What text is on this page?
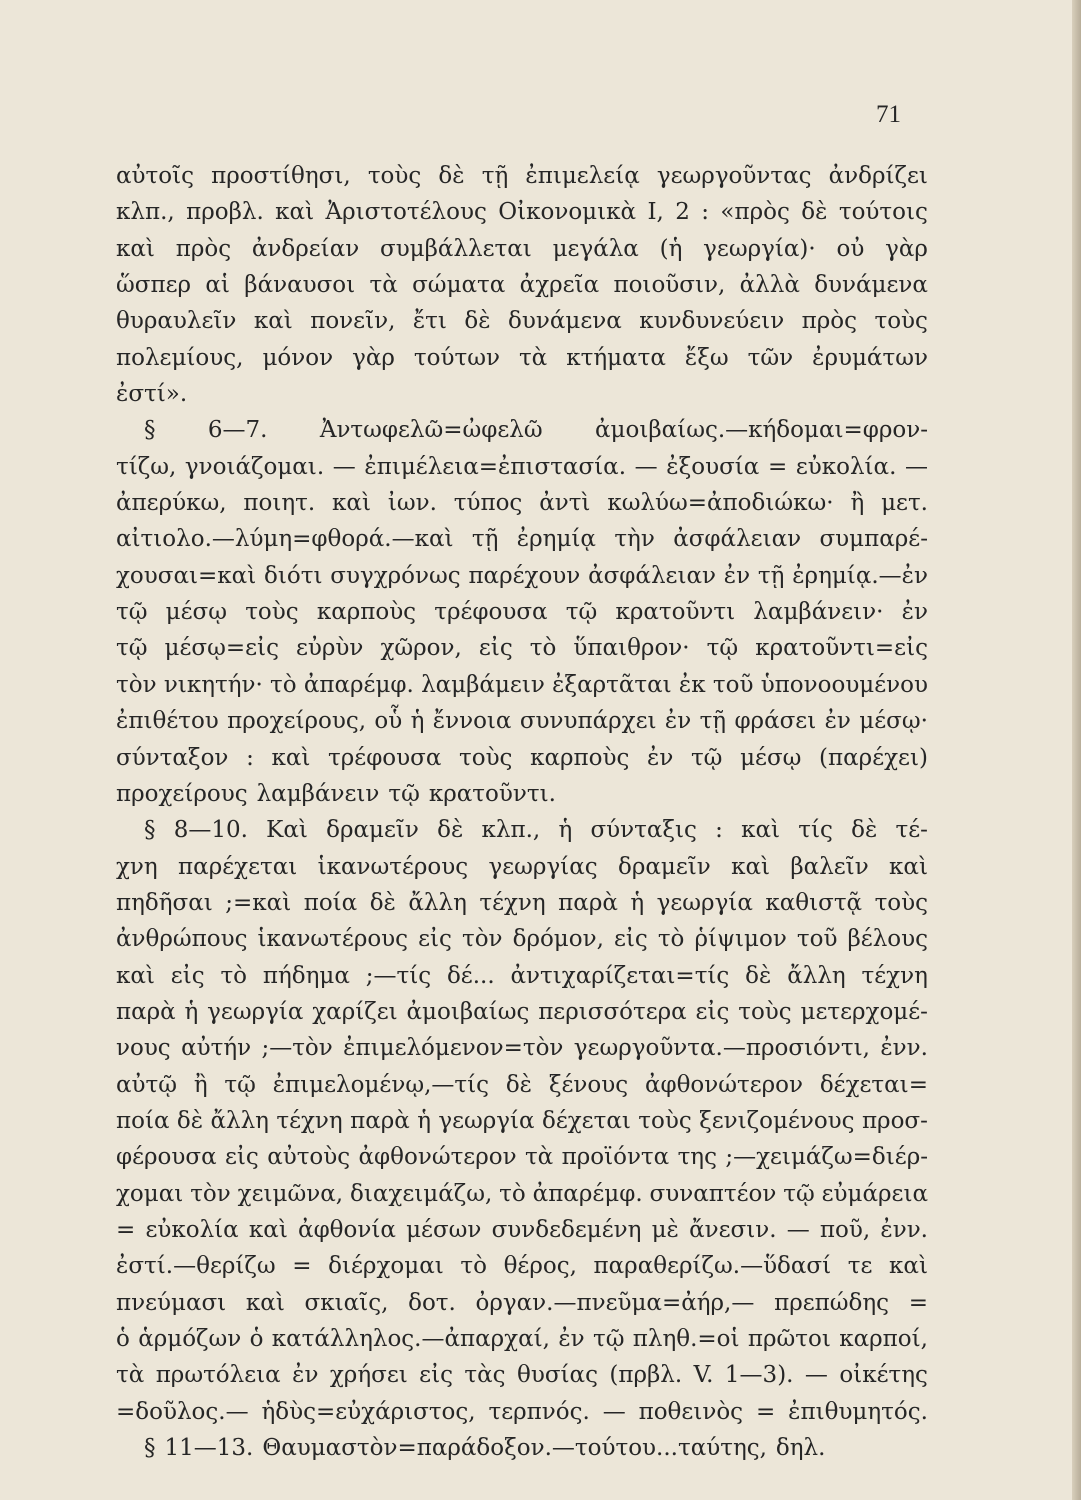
71
αὐτοῖς προστίθησι, τοὺς δὲ τῇ ἐπιμελείᾳ γεωργοῦντας ἀνδρίζει
κλπ., προβλ. καὶ Ἀριστοτέλους Οἰκονομικὰ Ι, 2 : «πρὸς δὲ τούτοις
καὶ πρὸς ἀνδρείαν συμβάλλεται μεγάλα (ἡ γεωργία)· οὐ γὰρ
ὥσπερ αἱ βάναυσοι τὰ σώματα ἀχρεῖα ποιοῦσιν, ἀλλὰ δυνάμενα
θυραυλεῖν καὶ πονεῖν, ἔτι δὲ δυνάμενα κυνδυνεύειν πρὸς τοὺς
πολεμίους, μόνον γὰρ τούτων τὰ κτήματα ἔξω τῶν ἐρυμάτων
ἐστί».
§ 6—7. Ἀντωφελῶ=ὠφελῶ ἀμοιβαίως.—κήδομαι=φρον-
τίζω, γνοιάζομαι. — ἐπιμέλεια=ἐπιστασία. — ἐξουσία = εὐκολία. —
ἀπερύκω, ποιητ. καὶ ἰων. τύπος ἀντὶ κωλύω=ἀποδιώκω· ἢ μετ.
αἰτιολο.—λύμη=φθορά.—καὶ τῇ ἐρημίᾳ τὴν ἀσφάλειαν συμπαρέ-
χουσαι=καὶ διότι συγχρόνως παρέχουν ἀσφάλειαν ἐν τῇ ἐρημίᾳ.—ἐν
τῷ μέσῳ τοὺς καρποὺς τρέφουσα τῷ κρατοῦντι λαμβάνειν· ἐν
τῷ μέσῳ=εἰς εὐρὺν χῶρον, εἰς τὸ ὕπαιθρον· τῷ κρατοῦντι=εἰς
τὸν νικητήν· τὸ ἀπαρέμφ. λαμβάμειν ἐξαρτᾶται ἐκ τοῦ ὑπονοουμένου
ἐπιθέτου προχείρους, οὗ ἡ ἔννοια συνυπάρχει ἐν τῇ φράσει ἐν μέσῳ·
σύνταξον : καὶ τρέφουσα τοὺς καρποὺς ἐν τῷ μέσῳ (παρέχει)
προχείρους λαμβάνειν τῷ κρατοῦντι.
§ 8—10. Καὶ δραμεῖν δὲ κλπ., ἡ σύνταξις : καὶ τίς δὲ τέ-
χνη παρέχεται ἱκανωτέρους γεωργίας δραμεῖν καὶ βαλεῖν καὶ
πηδῆσαι ;=καὶ ποία δὲ ἄλλη τέχνη παρὰ ἡ γεωργία καθιστᾷ τοὺς
ἀνθρώπους ἱκανωτέρους εἰς τὸν δρόμον, εἰς τὸ ῥίψιμον τοῦ βέλους
καὶ εἰς τὸ πήδημα ;—τίς δέ... ἀντιχαρίζεται=τίς δὲ ἄλλη τέχνη
παρὰ ἡ γεωργία χαρίζει ἀμοιβαίως περισσότερα εἰς τοὺς μετερχομέ-
νους αὐτήν ;—τὸν ἐπιμελόμενον=τὸν γεωργοῦντα.—προσιόντι, ἐνν.
αὐτῷ ἢ τῷ ἐπιμελομένῳ,—τίς δὲ ξένους ἀφθονώτερον δέχεται=
ποία δὲ ἄλλη τέχνη παρὰ ἡ γεωργία δέχεται τοὺς ξενιζομένους προσ-
φέρουσα εἰς αὐτοὺς ἀφθονώτερον τὰ προϊόντα της ;—χειμάζω=διέρ-
χομαι τὸν χειμῶνα, διαχειμάζω, τὸ ἀπαρέμφ. συναπτέον τῷ εὐμάρεια
= εὐκολία καὶ ἀφθονία μέσων συνδεδεμένη μὲ ἄνεσιν. — ποῦ, ἐνν.
ἐστί.—θερίζω = διέρχομαι τὸ θέρος, παραθερίζω.—ὕδασί τε καὶ
πνεύμασι καὶ σκιαῖς, δοτ. ὀργαν.—πνεῦμα=ἀήρ,— πρεπώδης =
ὁ ἁρμόζων ὁ κατάλληλος.—ἀπαρχαί, ἐν τῷ πληθ.=οἱ πρῶτοι καρποί,
τὰ πρωτόλεια ἐν χρήσει εἰς τὰς θυσίας (πρβλ. V. 1—3). — οἰκέτης
=δοῦλος.— ἡδὺς=εὐχάριστος, τερπνός. — ποθεινὸς = ἐπιθυμητός.
§ 11—13. Θαυμαστὸν=παράδοξον.—τούτου...ταύτης, δηλ.
